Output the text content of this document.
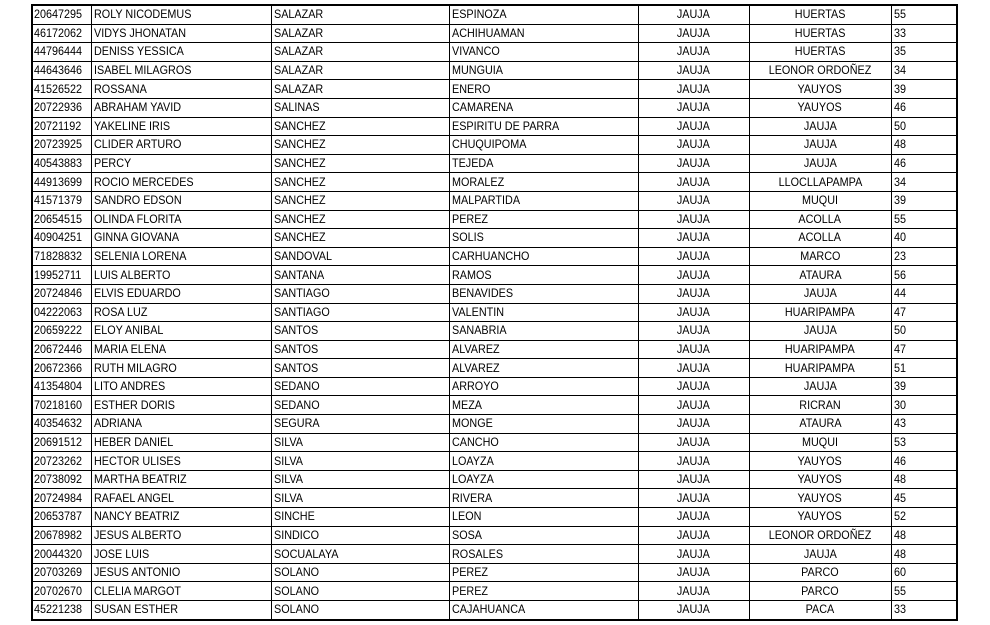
20647295	ROLY NICODEMUS	SALAZAR	ESPINOZA	JAUJA	HUERTAS	55
46172062	VIDYS JHONATAN	SALAZAR	ACHIHUAMAN	JAUJA	HUERTAS	33
44796444	DENISS YESSICA	SALAZAR	VIVANCO	JAUJA	HUERTAS	35
44643646	ISABEL MILAGROS	SALAZAR	MUNGUIA	JAUJA	LEONOR ORDOÑEZ	34
41526522	ROSSANA	SALAZAR	ENERO	JAUJA	YAUYOS	39
20722936	ABRAHAM YAVID	SALINAS	CAMARENA	JAUJA	YAUYOS	46
20721192	YAKELINE IRIS	SANCHEZ	ESPIRITU DE PARRA	JAUJA	JAUJA	50
20723925	CLIDER ARTURO	SANCHEZ	CHUQUIPOMA	JAUJA	JAUJA	48
40543883	PERCY	SANCHEZ	TEJEDA	JAUJA	JAUJA	46
44913699	ROCIO MERCEDES	SANCHEZ	MORALEZ	JAUJA	LLOCLLAPAMPA	34
41571379	SANDRO EDSON	SANCHEZ	MALPARTIDA	JAUJA	MUQUI	39
20654515	OLINDA FLORITA	SANCHEZ	PEREZ	JAUJA	ACOLLA	55
40904251	GINNA GIOVANA	SANCHEZ	SOLIS	JAUJA	ACOLLA	40
71828832	SELENIA LORENA	SANDOVAL	CARHUANCHO	JAUJA	MARCO	23
19952711	LUIS ALBERTO	SANTANA	RAMOS	JAUJA	ATAURA	56
20724846	ELVIS EDUARDO	SANTIAGO	BENAVIDES	JAUJA	JAUJA	44
04222063	ROSA LUZ	SANTIAGO	VALENTIN	JAUJA	HUARIPAMPA	47
20659222	ELOY ANIBAL	SANTOS	SANABRIA	JAUJA	JAUJA	50
20672446	MARIA ELENA	SANTOS	ALVAREZ	JAUJA	HUARIPAMPA	47
20672366	RUTH MILAGRO	SANTOS	ALVAREZ	JAUJA	HUARIPAMPA	51
41354804	LITO ANDRES	SEDANO	ARROYO	JAUJA	JAUJA	39
70218160	ESTHER DORIS	SEDANO	MEZA	JAUJA	RICRAN	30
40354632	ADRIANA	SEGURA	MONGE	JAUJA	ATAURA	43
20691512	HEBER DANIEL	SILVA	CANCHO	JAUJA	MUQUI	53
20723262	HECTOR ULISES	SILVA	LOAYZA	JAUJA	YAUYOS	46
20738092	MARTHA BEATRIZ	SILVA	LOAYZA	JAUJA	YAUYOS	48
20724984	RAFAEL ANGEL	SILVA	RIVERA	JAUJA	YAUYOS	45
20653787	NANCY BEATRIZ	SINCHE	LEON	JAUJA	YAUYOS	52
20678982	JESUS ALBERTO	SINDICO	SOSA	JAUJA	LEONOR ORDOÑEZ	48
20044320	JOSE LUIS	SOCUALAYA	ROSALES	JAUJA	JAUJA	48
20703269	JESUS ANTONIO	SOLANO	PEREZ	JAUJA	PARCO	60
20702670	CLELIA MARGOT	SOLANO	PEREZ	JAUJA	PARCO	55
45221238	SUSAN ESTHER	SOLANO	CAJAHUANCA	JAUJA	PACA	33
